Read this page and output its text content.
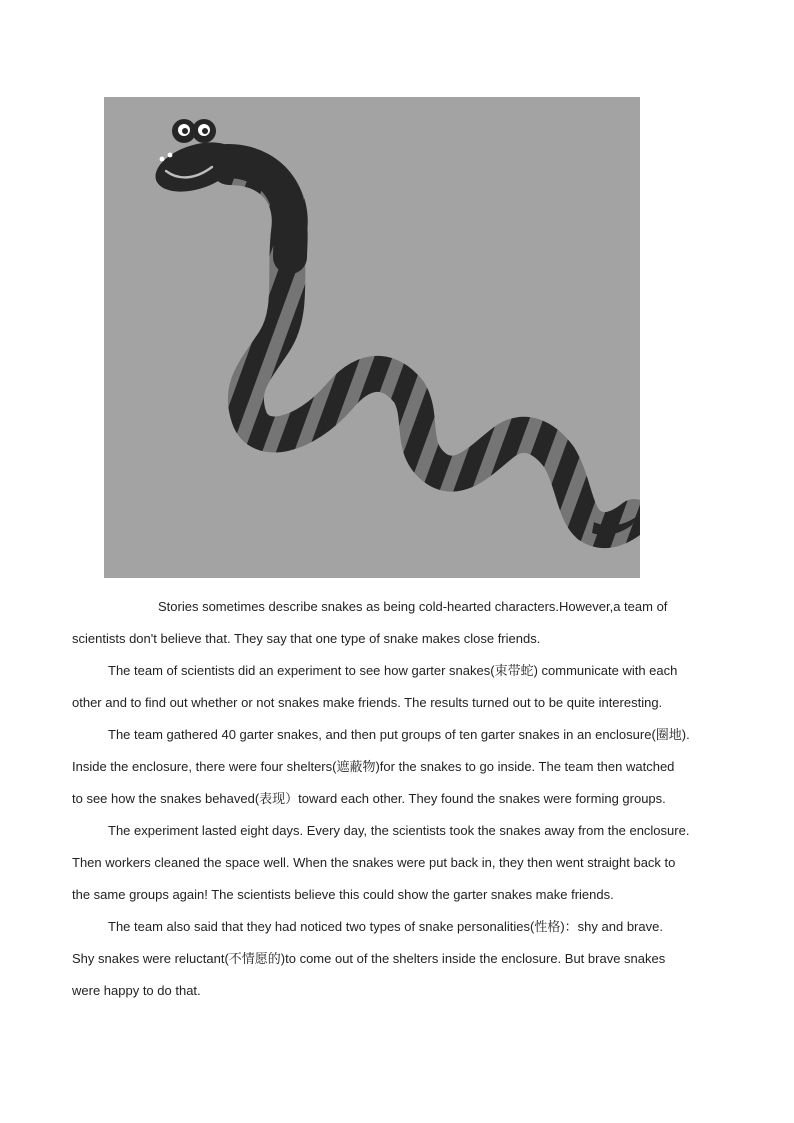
Stories sometimes describe snakes as being cold-hearted characters.However,a team of

scientists don't believe that. They say that one type of snake makes close friends.

The team of scientists did an experiment to see how garter snakes(束带蛇) communicate with each

other and to find out whether or not snakes make friends. The results turned out to be quite interesting.

The team gathered 40 garter snakes, and then put groups of ten garter snakes in an enclosure(圈地).

Inside the enclosure, there were four shelters(遮蔽物)for the snakes to go inside. The team then watched

to see how the snakes behaved(表现）toward each other. They found the snakes were forming groups.

The experiment lasted eight days. Every day, the scientists took the snakes away from the enclosure.

Then workers cleaned the space well. When the snakes were put back in, they then went straight back to

the same groups again! The scientists believe this could show the garter snakes make friends.

The team also said that they had noticed two types of snake personalities(性格)：shy and brave.

Shy snakes were reluctant(不情愿的)to come out of the shelters inside the enclosure. But brave snakes

were happy to do that.
